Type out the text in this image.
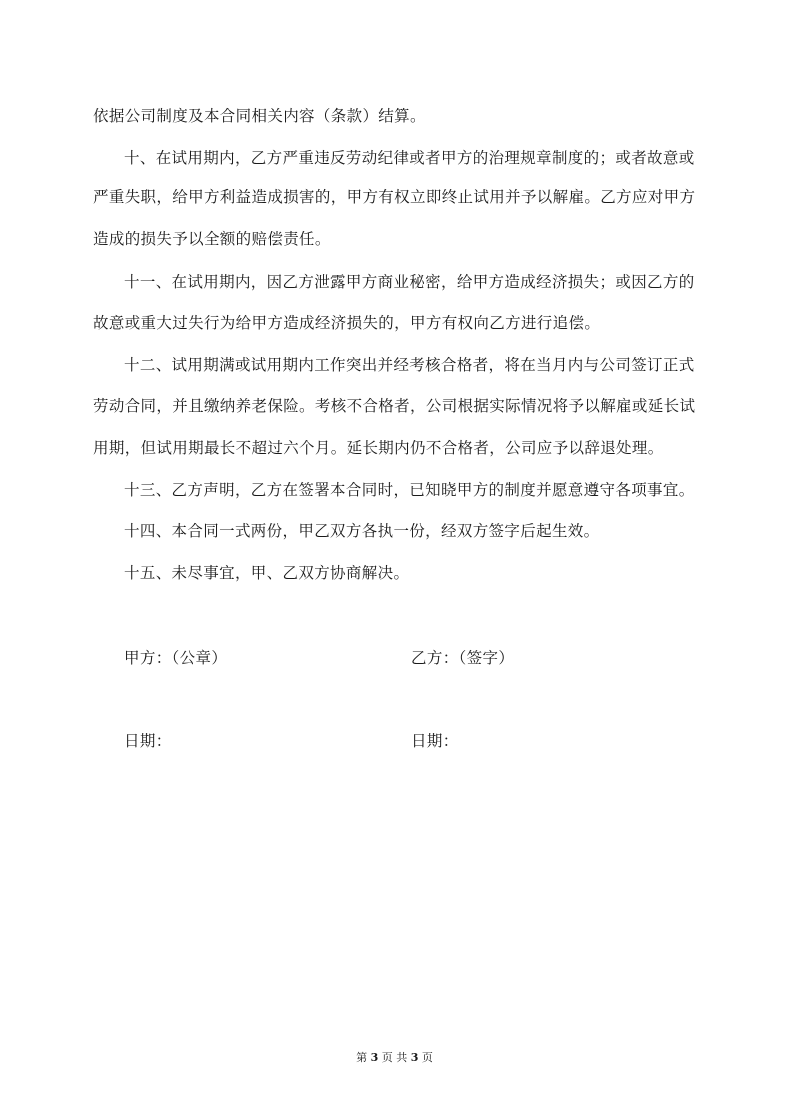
依据公司制度及本合同相关内容（条款）结算。
十、在试用期内，乙方严重违反劳动纪律或者甲方的治理规章制度的；或者故意或
严重失职，给甲方利益造成损害的，甲方有权立即终止试用并予以解雇。乙方应对甲方
造成的损失予以全额的赔偿责任。
十一、在试用期内，因乙方泄露甲方商业秘密，给甲方造成经济损失；或因乙方的
故意或重大过失行为给甲方造成经济损失的，甲方有权向乙方进行追偿。
十二、试用期满或试用期内工作突出并经考核合格者，将在当月内与公司签订正式
劳动合同，并且缴纳养老保险。考核不合格者，公司根据实际情况将予以解雇或延长试
用期，但试用期最长不超过六个月。延长期内仍不合格者，公司应予以辞退处理。
十三、乙方声明，乙方在签署本合同时，已知晓甲方的制度并愿意遵守各项事宜。
十四、本合同一式两份，甲乙双方各执一份，经双方签字后起生效。
十五、未尽事宜，甲、乙双方协商解决。
甲方：（公章）	乙方：（签字）
日期：	日期：
第 3 页 共 3 页
